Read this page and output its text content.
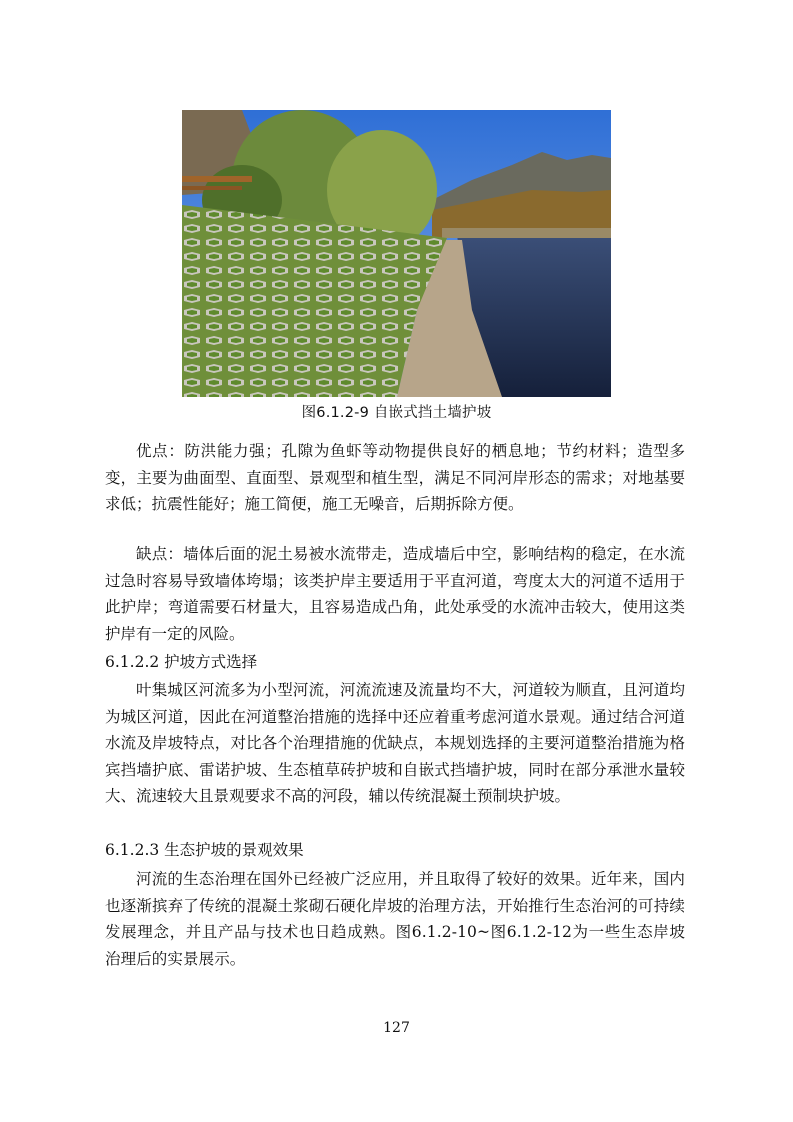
图6.1.2-9 自嵌式挡土墙护坡

优点：防洪能力强；孔隙为鱼虾等动物提供良好的栖息地；节约材料；造型多变，主要为曲面型、直面型、景观型和植生型，满足不同河岸形态的需求；对地基要求低；抗震性能好；施工简便，施工无噪音，后期拆除方便。

缺点：墙体后面的泥土易被水流带走，造成墙后中空，影响结构的稳定，在水流过急时容易导致墙体垮塌；该类护岸主要适用于平直河道，弯度太大的河道不适用于此护岸；弯道需要石材量大，且容易造成凸角，此处承受的水流冲击较大，使用这类护岸有一定的风险。

6.1.2.2 护坡方式选择

叶集城区河流多为小型河流，河流流速及流量均不大，河道较为顺直，且河道均为城区河道，因此在河道整治措施的选择中还应着重考虑河道水景观。通过结合河道水流及岸坡特点，对比各个治理措施的优缺点，本规划选择的主要河道整治措施为格宾挡墙护底、雷诺护坡、生态植草砖护坡和自嵌式挡墙护坡，同时在部分承泄水量较大、流速较大且景观要求不高的河段，辅以传统混凝土预制块护坡。

6.1.2.3 生态护坡的景观效果

河流的生态治理在国外已经被广泛应用，并且取得了较好的效果。近年来，国内也逐渐摈弃了传统的混凝土浆砌石硬化岸坡的治理方法，开始推行生态治河的可持续发展理念，并且产品与技术也日趋成熟。图6.1.2-10~图6.1.2-12为一些生态岸坡治理后的实景展示。

127
